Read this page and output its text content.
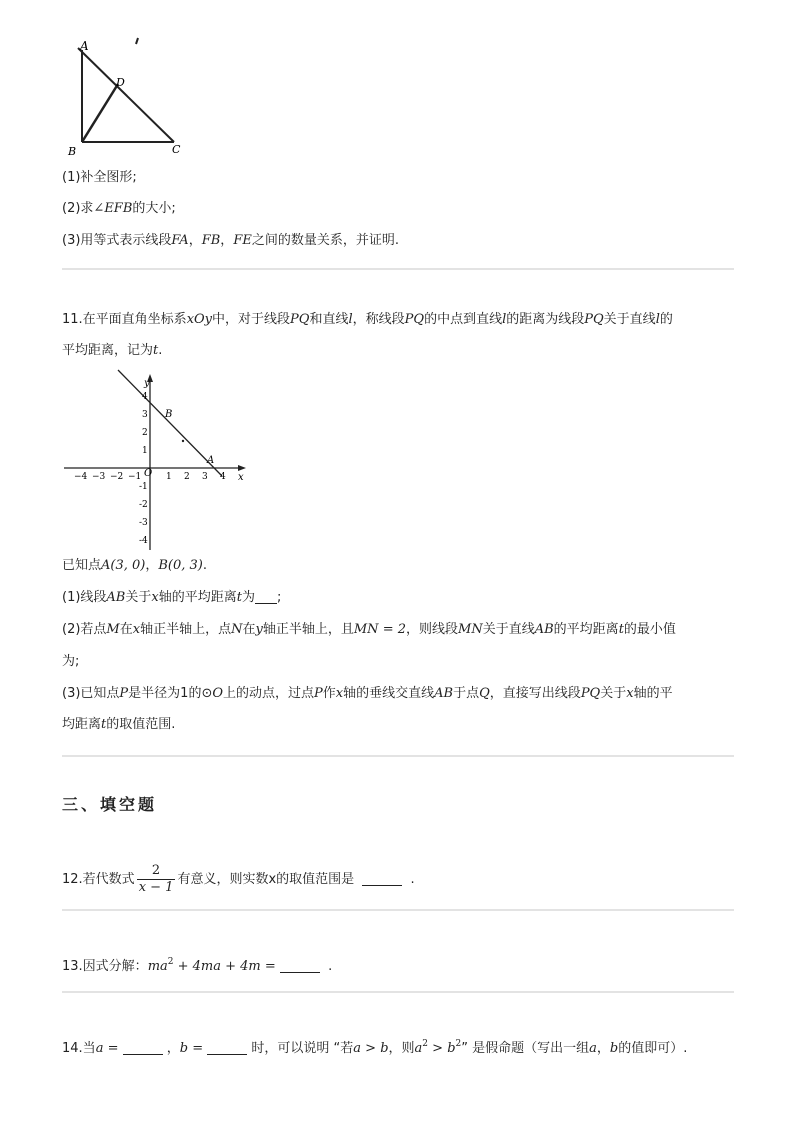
A
D
B	C
(1)补全图形;
(2)求∠EFB的大小;
(3)用等式表示线段FA，FB，FE之间的数量关系，并证明.
11.在平面直角坐标系xOy中，对于线段PQ和直线l，称线段PQ的中点到直线l的距离为线段PQ关于直线l的
平均距离，记为t.
y
x
O
B
A
−4 −3 −2 −1	1 2 3 4
1
2
3
4
-1
-2
-3
-4
已知点A(3, 0)，B(0, 3).
(1)线段AB关于x轴的平均距离t为 ;
(2)若点M在x轴正半轴上，点N在y轴正半轴上，且MN = 2，则线段MN关于直线AB的平均距离t的最小值
为;
(3)已知点P是半径为1的⊙O上的动点，过点P作x轴的垂线交直线AB于点Q，直接写出线段PQ关于x轴的平
均距离t的取值范围.
三、填空题
12.若代数式 $\frac{2}{x - 1}$ 有意义，则实数x的取值范围是	.
13.因式分解：$ma^2 + 4ma + 4m$ =	.
14.当a =	，b =	时，可以说明 “若a > b，则$a^2 > b^2$” 是假命题（写出一组a，b的值即可）.
